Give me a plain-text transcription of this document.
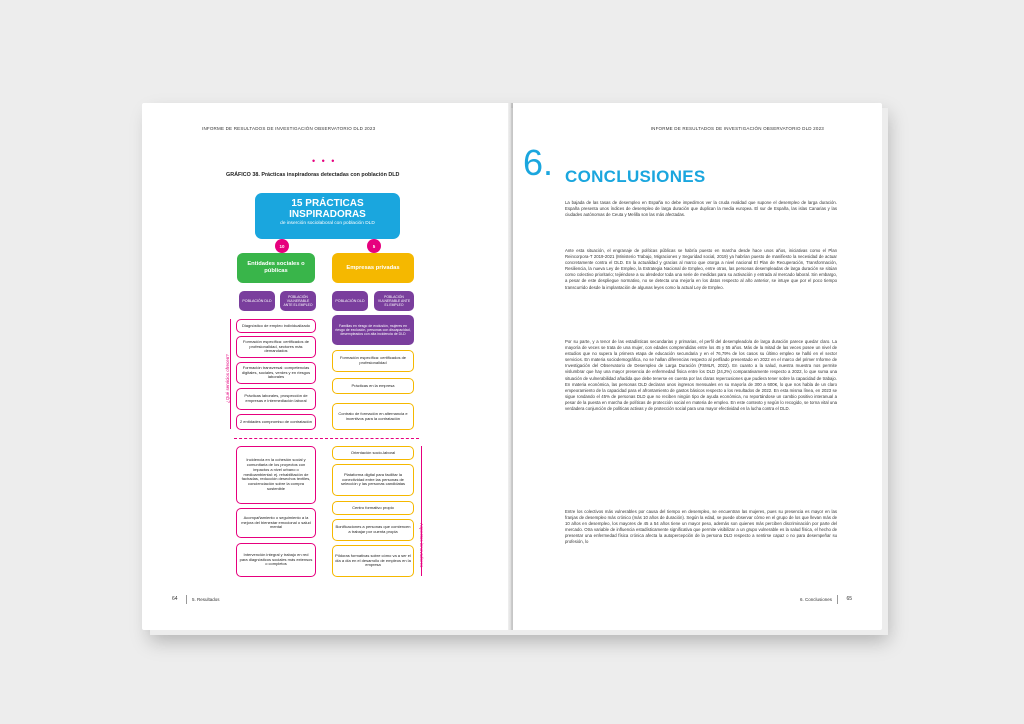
INFORME DE RESULTADOS DE INVESTIGACIÓN OBSERVATORIO DLD 2023
• • •
GRÁFICO 38. Prácticas inspiradoras detectadas con población DLD
15 PRÁCTICAS
INSPIRADORAS
de inserción sociolaboral con población DLD
10
Entidades sociales o públicas
POBLACIÓN DLD
POBLACIÓN VULNERABLE ANTE EL EMPLEO
5
Empresas privadas
POBLACIÓN DLD
POBLACIÓN VULNERABLE ANTE EL EMPLEO
Familias en riesgo de exclusión, mujeres en riesgo de exclusión, personas con discapacidad, desempleados con alta incidencia de DLD
Diagnóstico de empleo individualizado
Formación específica: certificados de profesionalidad, sectores más demandados
Formación transversal: competencias digitales, sociales, verdes y en riesgos laborales
Prácticas laborales, prospección de empresas e intermediación laboral
2 entidades compromiso de contratación
Incidencia en la cohesión social y comunitaria de los proyectos con impactos a nivel urbano o medioambiental: ej. rehabilitación de fachadas, reducción desechos textiles, concienciación sobre la compra sostenible
Acompañamiento o seguimiento a la mejora del bienestar emocional o salud mental
Intervención integral y trabajo en red para diagnósticos sociales más extensos o completos
Formación específica: certificados de profesionalidad
Prácticas en la empresa
Contrato de formación en alternancia e incentivos para la contratación
Orientación socio-laboral
Plataforma digital para facilitar la conectividad entre las personas de selección y las personas candidatas
Centro formativo propio
Bonificaciones a personas que comiencen a trabajar por cuenta propia
Píldoras formativas sobre cómo va a ser el día a día en el desarrollo de empleos en la empresa
¿Qué servicios ofrecen?
Aspectos innovadores
64	5. Resultados
INFORME DE RESULTADOS DE INVESTIGACIÓN OBSERVATORIO DLD 2023
6. CONCLUSIONES
La bajada de las tasas de desempleo en España no debe impedirnos ver la cruda realidad que supone el desempleo de larga duración. España presenta unos índices de desempleo de larga duración que duplican la media europea. El sur de España, las islas Canarias y las ciudades autónomas de Ceuta y Melilla son las más afectadas.
Ante esta situación, el engranaje de políticas públicas se habría puesto en marcha desde hace unos años, iniciativas como el Plan Reincorpora-T 2019-2021 (Ministerio Trabajo, Migraciones y Seguridad social, 2019) ya habrían puesto de manifiesto la necesidad de actuar concretamente contra el DLD. En la actualidad y gracias al marco que otorga a nivel nacional El Plan de Recuperación, Transformación, Resiliencia, la nueva Ley de Empleo, la Estrategia Nacional de Empleo, entre otras, las personas desempleadas de larga duración se sitúan como colectivo prioritario; tejiéndose a su alrededor toda una serie de medidas para su activación y entrada al mercado laboral. Sin embargo, a pesar de este despliegue normativo, no se detecta una mejoría en los datos respecto al año anterior, se intuye que por el poco tiempo transcurrido desde la implantación de algunas leyes como la actual Ley de Empleo.
Por su parte, y a tenor de las estadísticas secundarias y primarias, el perfil del desempleado/a de larga duración parece quedar claro. La mayoría de veces se trata de una mujer, con edades comprendidas entre los 45 y 55 años. Más de la mitad de las veces posee un nivel de estudios que no supera la primera etapa de educación secundaria y en el 76,79% de los casos su último empleo se halló en el sector servicios. En materia sociodemográfica, no se hallan diferencias respecto al perfilado presentado en 2022 en el marco del primer Informe de Investigación del Observatorio de Desempleo de Larga Duración (FSMLR, 2022). En cuanto a la salud, nuestra muestra nos permite vislumbrar que hay una mayor presencia de enfermedad física entre los DLD (24,2%) comparativamente respecto a 2022, lo que suma una situación de vulnerabilidad añadida que debe tenerse en cuenta por las claras repercusiones que pudiera tener sobre la capacidad de trabajo. En materia económica, las personas DLD declaran unos ingresos mensuales en su mayoría de 300 a 600€, lo que nos habla de un claro empeoramiento de la capacidad para el afrontamiento de gastos básicos respecto a los resultados de 2022. En esta misma línea, en 2023 se sigue rondando el 45% de personas DLD que no reciben ningún tipo de ayuda económica, no reportándose un cambio positivo interanual a pesar de la puesta en marcha de políticas de protección social en materia de empleo. En este contexto y según lo recogido, se torna vital una verdadera conjunción de políticas activas y de protección social para una mayor efectividad en la lucha contra el DLD.
Entre los colectivos más vulnerables por causa del tiempo en desempleo, se encuentran las mujeres, pues su presencia es mayor en las franjas de desempleo más crónico (más 10 años de duración). Según la edad, se puede observar cómo en el grupo de los que llevan más de 10 años en desempleo, los mayores de 45 a 54 años tiene un mayor peso, además son quienes más perciben discriminación por parte del mercado. Otra variable de influencia estadísticamente significativa que permite visibilizar a un grupo vulnerable es la salud física, el hecho de presentar una enfermedad física crónica afecta la autopercepción de la persona DLD respecto a sentirse capaz o no para desempeñar su profesión, lo
6. Conclusiones	65
